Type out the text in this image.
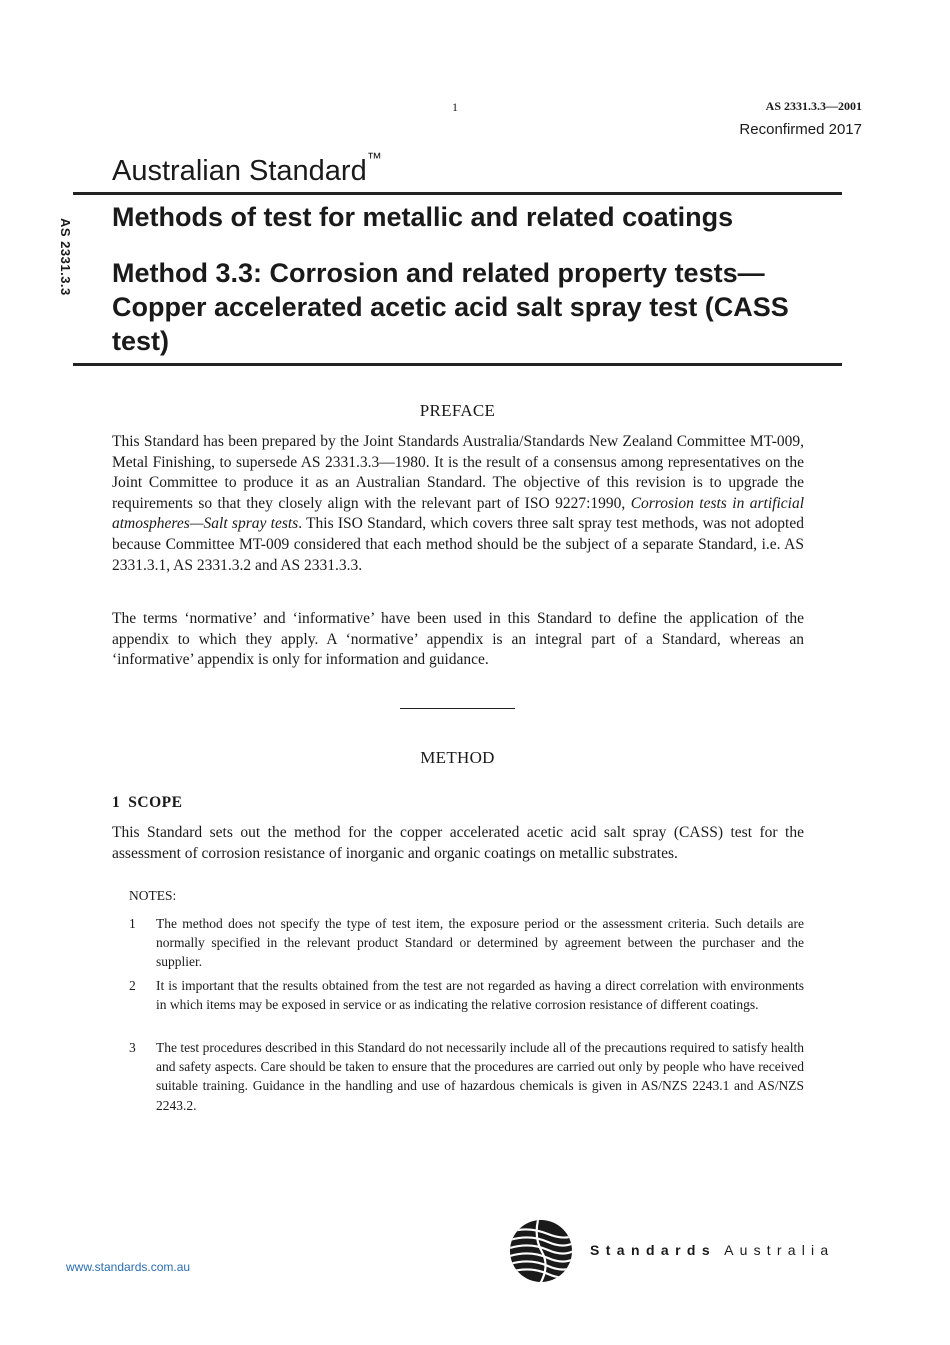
1	AS 2331.3.3—2001
Reconfirmed 2017
AS 2331.3.3
Australian Standard™
Methods of test for metallic and related coatings
Method 3.3: Corrosion and related property tests—Copper accelerated acetic acid salt spray test (CASS test)
PREFACE
This Standard has been prepared by the Joint Standards Australia/Standards New Zealand Committee MT-009, Metal Finishing, to supersede AS 2331.3.3—1980. It is the result of a consensus among representatives on the Joint Committee to produce it as an Australian Standard. The objective of this revision is to upgrade the requirements so that they closely align with the relevant part of ISO 9227:1990, Corrosion tests in artificial atmospheres—Salt spray tests. This ISO Standard, which covers three salt spray test methods, was not adopted because Committee MT-009 considered that each method should be the subject of a separate Standard, i.e. AS 2331.3.1, AS 2331.3.2 and AS 2331.3.3.
The terms ‘normative’ and ‘informative’ have been used in this Standard to define the application of the appendix to which they apply. A ‘normative’ appendix is an integral part of a Standard, whereas an ‘informative’ appendix is only for information and guidance.
METHOD
1 SCOPE
This Standard sets out the method for the copper accelerated acetic acid salt spray (CASS) test for the assessment of corrosion resistance of inorganic and organic coatings on metallic substrates.
NOTES:
1 The method does not specify the type of test item, the exposure period or the assessment criteria. Such details are normally specified in the relevant product Standard or determined by agreement between the purchaser and the supplier.
2 It is important that the results obtained from the test are not regarded as having a direct correlation with environments in which items may be exposed in service or as indicating the relative corrosion resistance of different coatings.
3 The test procedures described in this Standard do not necessarily include all of the precautions required to satisfy health and safety aspects. Care should be taken to ensure that the procedures are carried out only by people who have received suitable training. Guidance in the handling and use of hazardous chemicals is given in AS/NZS 2243.1 and AS/NZS 2243.2.
www.standards.com.au
Standards Australia
